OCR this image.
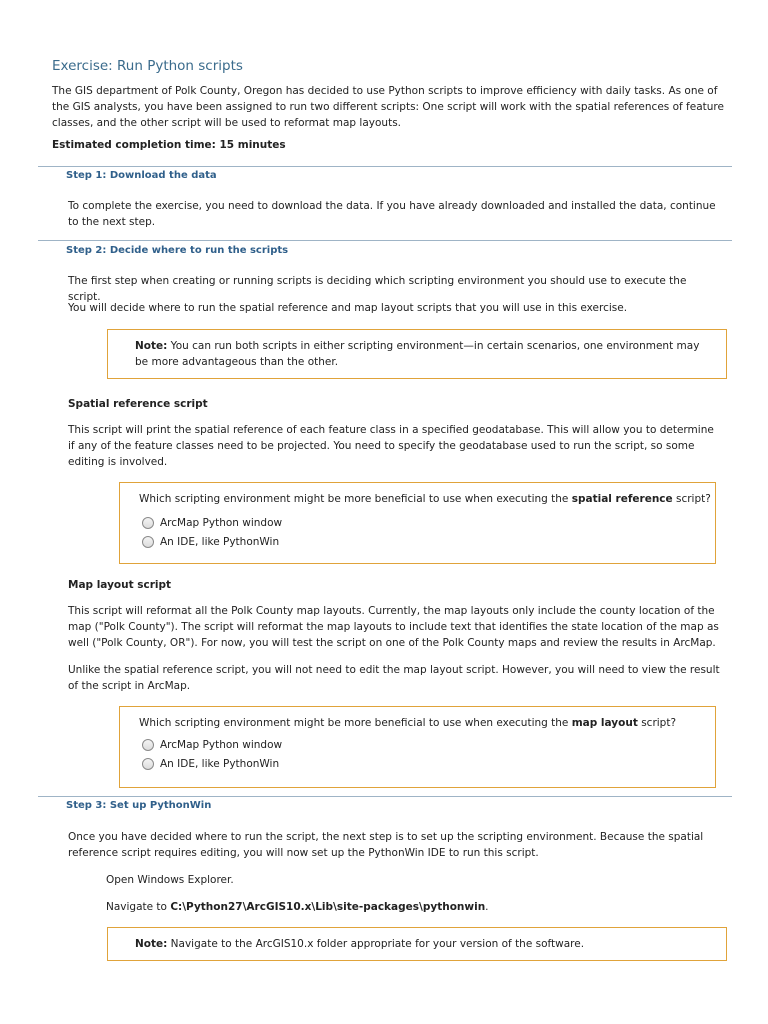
Exercise: Run Python scripts

The GIS department of Polk County, Oregon has decided to use Python scripts to improve efficiency with daily tasks. As one of the GIS analysts, you have been assigned to run two different scripts: One script will work with the spatial references of feature classes, and the other script will be used to reformat map layouts.

Estimated completion time: 15 minutes

Step 1: Download the data

To complete the exercise, you need to download the data. If you have already downloaded and installed the data, continue to the next step.

Step 2: Decide where to run the scripts

The first step when creating or running scripts is deciding which scripting environment you should use to execute the script.

You will decide where to run the spatial reference and map layout scripts that you will use in this exercise.

Note: You can run both scripts in either scripting environment—in certain scenarios, one environment may be more advantageous than the other.

Spatial reference script

This script will print the spatial reference of each feature class in a specified geodatabase. This will allow you to determine if any of the feature classes need to be projected. You need to specify the geodatabase used to run the script, so some editing is involved.

Which scripting environment might be more beneficial to use when executing the spatial reference script?

ArcMap Python window
An IDE, like PythonWin

Map layout script

This script will reformat all the Polk County map layouts. Currently, the map layouts only include the county location of the map ("Polk County"). The script will reformat the map layouts to include text that identifies the state location of the map as well ("Polk County, OR"). For now, you will test the script on one of the Polk County maps and review the results in ArcMap.

Unlike the spatial reference script, you will not need to edit the map layout script. However, you will need to view the result of the script in ArcMap.

Which scripting environment might be more beneficial to use when executing the map layout script?

ArcMap Python window
An IDE, like PythonWin
Step 3: Set up PythonWin

Once you have decided where to run the script, the next step is to set up the scripting environment. Because the spatial reference script requires editing, you will now set up the PythonWin IDE to run this script.

Open Windows Explorer.

Navigate to C:\Python27\ArcGIS10.x\Lib\site-packages\pythonwin.

Note: Navigate to the ArcGIS10.x folder appropriate for your version of the software.
